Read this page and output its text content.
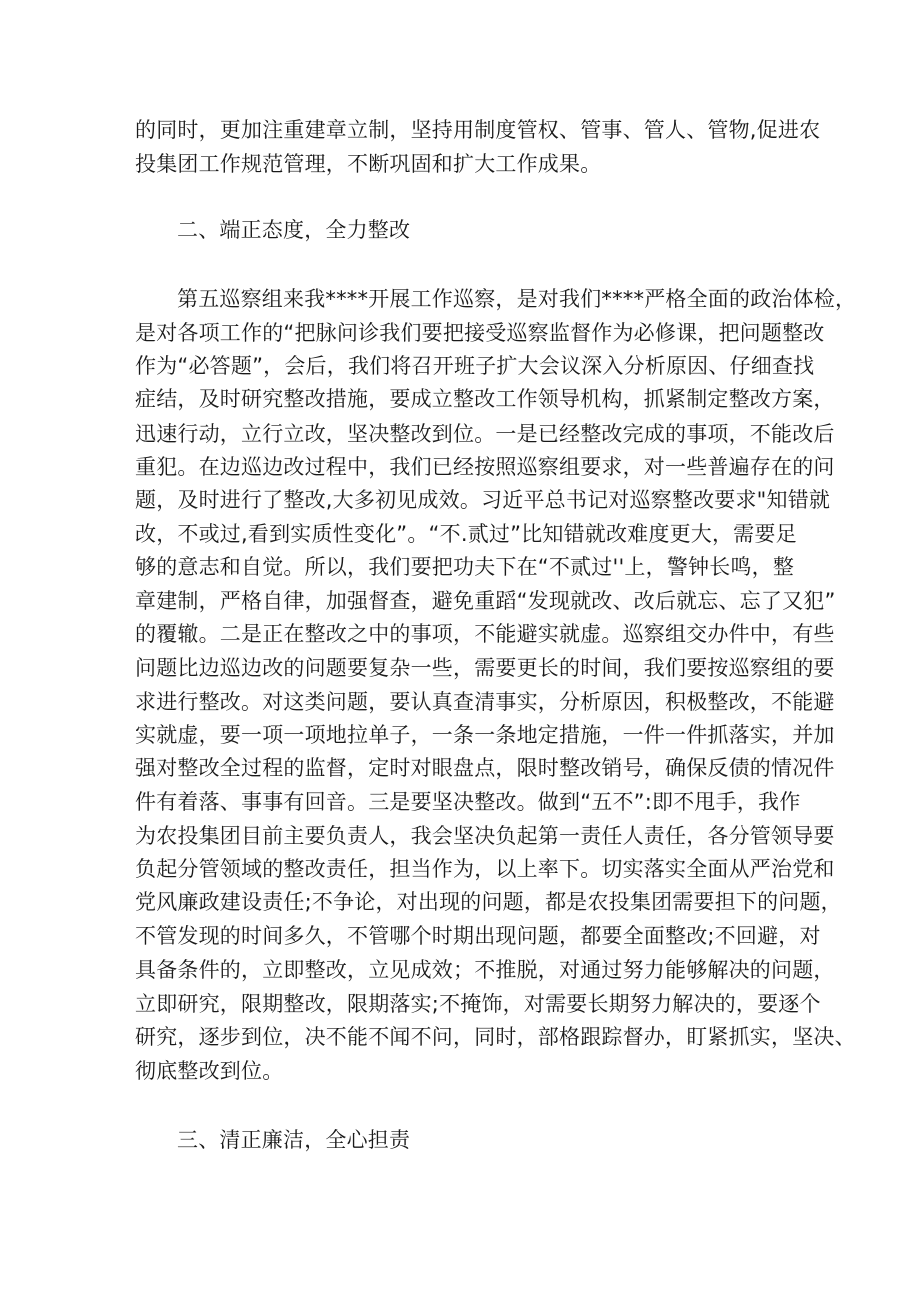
的同时，更加注重建章立制，坚持用制度管权、管事、管人、管物,促进农
投集团工作规范管理，不断巩固和扩大工作成果。
二、端正态度，全力整改
第五巡察组来我****开展工作巡察，是对我们****严格全面的政治体检，
是对各项工作的“把脉问诊我们要把接受巡察监督作为必修课，把问题整改
作为“必答题”，会后，我们将召开班子扩大会议深入分析原因、仔细查找
症结，及时研究整改措施，要成立整改工作领导机构，抓紧制定整改方案，
迅速行动，立行立改，坚决整改到位。一是已经整改完成的事项，不能改后
重犯。在边巡边改过程中，我们已经按照巡察组要求，对一些普遍存在的问
题，及时进行了整改,大多初见成效。习近平总书记对巡察整改要求"知错就
改，不或过,看到实质性变化”。“不.贰过”比知错就改难度更大，需要足
够的意志和自觉。所以，我们要把功夫下在“不贰过''上，警钟长鸣，整
章建制，严格自律，加强督查，避免重蹈“发现就改、改后就忘、忘了又犯”
的覆辙。二是正在整改之中的事项，不能避实就虚。巡察组交办件中，有些
问题比边巡边改的问题要复杂一些，需要更长的时间，我们要按巡察组的要
求进行整改。对这类问题，要认真查清事实，分析原因，积极整改，不能避
实就虚，要一项一项地拉单子，一条一条地定措施，一件一件抓落实，并加
强对整改全过程的监督，定时对眼盘点，限时整改销号，确保反债的情况件
件有着落、事事有回音。三是要坚决整改。做到“五不”:即不甩手，我作
为农投集团目前主要负责人，我会坚决负起第一责任人责任，各分管领导要
负起分管领域的整改责任，担当作为，以上率下。切实落实全面从严治党和
党风廉政建设责任;不争论，对出现的问题，都是农投集团需要担下的问题，
不管发现的时间多久，不管哪个时期出现问题，都要全面整改;不回避，对
具备条件的，立即整改，立见成效；不推脱，对通过努力能够解决的问题，
立即研究，限期整改，限期落实;不掩饰，对需要长期努力解决的，要逐个
研究，逐步到位，决不能不闻不问，同时，部格跟踪督办，盯紧抓实，坚决、
彻底整改到位。
三、清正廉洁，全心担责
